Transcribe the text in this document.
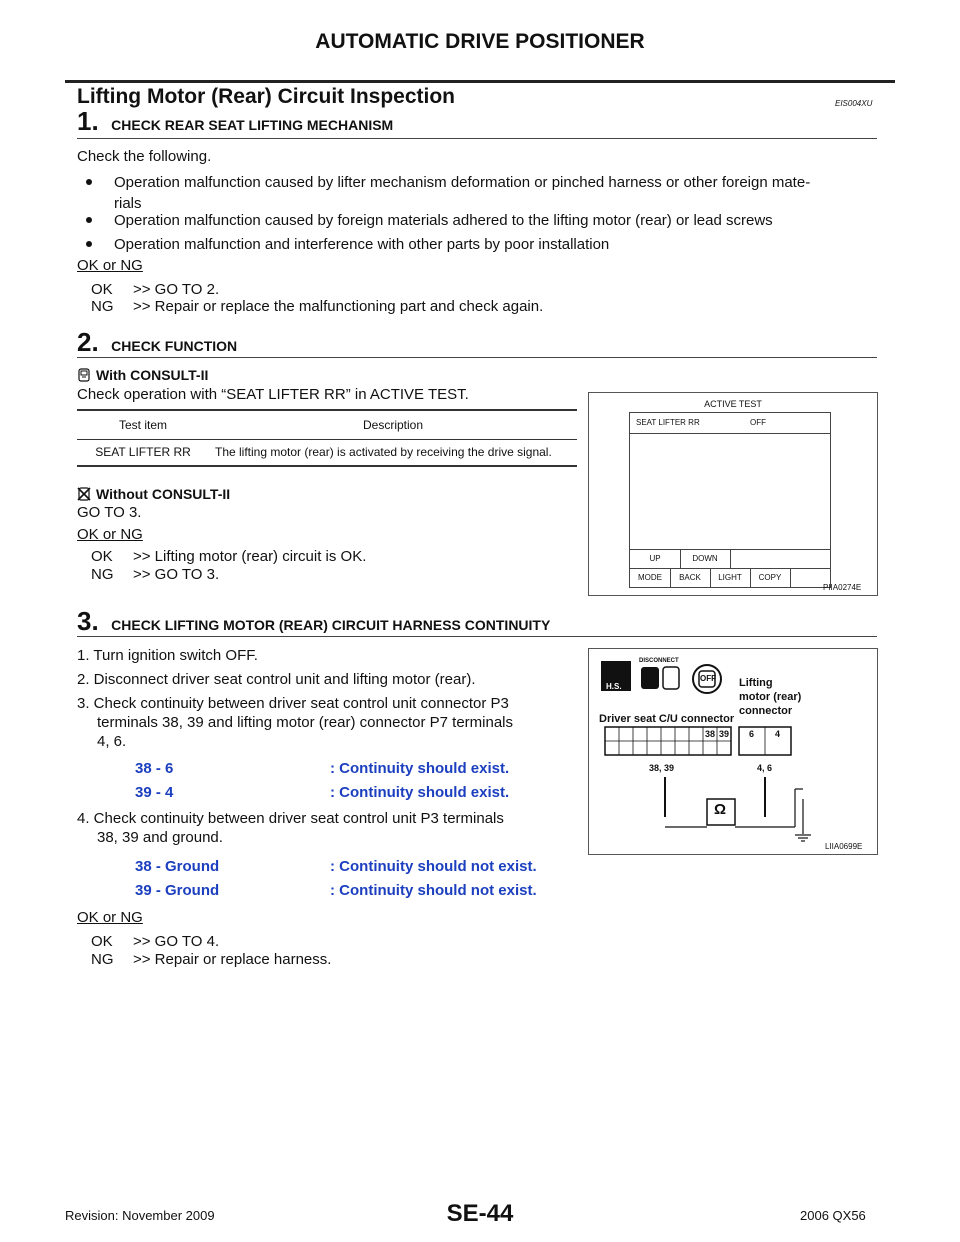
AUTOMATIC DRIVE POSITIONER
Lifting Motor (Rear) Circuit Inspection	EIS004XU
1. CHECK REAR SEAT LIFTING MECHANISM
Check the following.
Operation malfunction caused by lifter mechanism deformation or pinched harness or other foreign mate-
rials
Operation malfunction caused by foreign materials adhered to the lifting motor (rear) or lead screws
Operation malfunction and interference with other parts by poor installation
OK or NG
OK >> GO TO 2.
NG >> Repair or replace the malfunctioning part and check again.
2. CHECK FUNCTION
With CONSULT-II
Check operation with “SEAT LIFTER RR” in ACTIVE TEST.
Test item	Description
SEAT LIFTER RR	The lifting motor (rear) is activated by receiving the drive signal.
Without CONSULT-II
GO TO 3.
OK or NG
OK >> Lifting motor (rear) circuit is OK.
NG >> GO TO 3.
ACTIVE TEST
SEAT LIFTER RR	OFF
UP	DOWN
MODE	BACK	LIGHT	COPY
PIIA0274E
3. CHECK LIFTING MOTOR (REAR) CIRCUIT HARNESS CONTINUITY
1. Turn ignition switch OFF.
2. Disconnect driver seat control unit and lifting motor (rear).
3. Check continuity between driver seat control unit connector P3
terminals 38, 39 and lifting motor (rear) connector P7 terminals
4, 6.
38 - 6	: Continuity should exist.
39 - 4	: Continuity should exist.
4. Check continuity between driver seat control unit P3 terminals
38, 39 and ground.
38 - Ground	: Continuity should not exist.
39 - Ground	: Continuity should not exist.
OK or NG
OK >> GO TO 4.
NG >> Repair or replace harness.
H.S.
DISCONNECT
OFF Lifting
motor (rear)
connector
Driver seat C/U connector
38 39 6 4
38, 39	4, 6
Ω
LIIA0699E
Revision: November 2009	SE-44	2006 QX56
